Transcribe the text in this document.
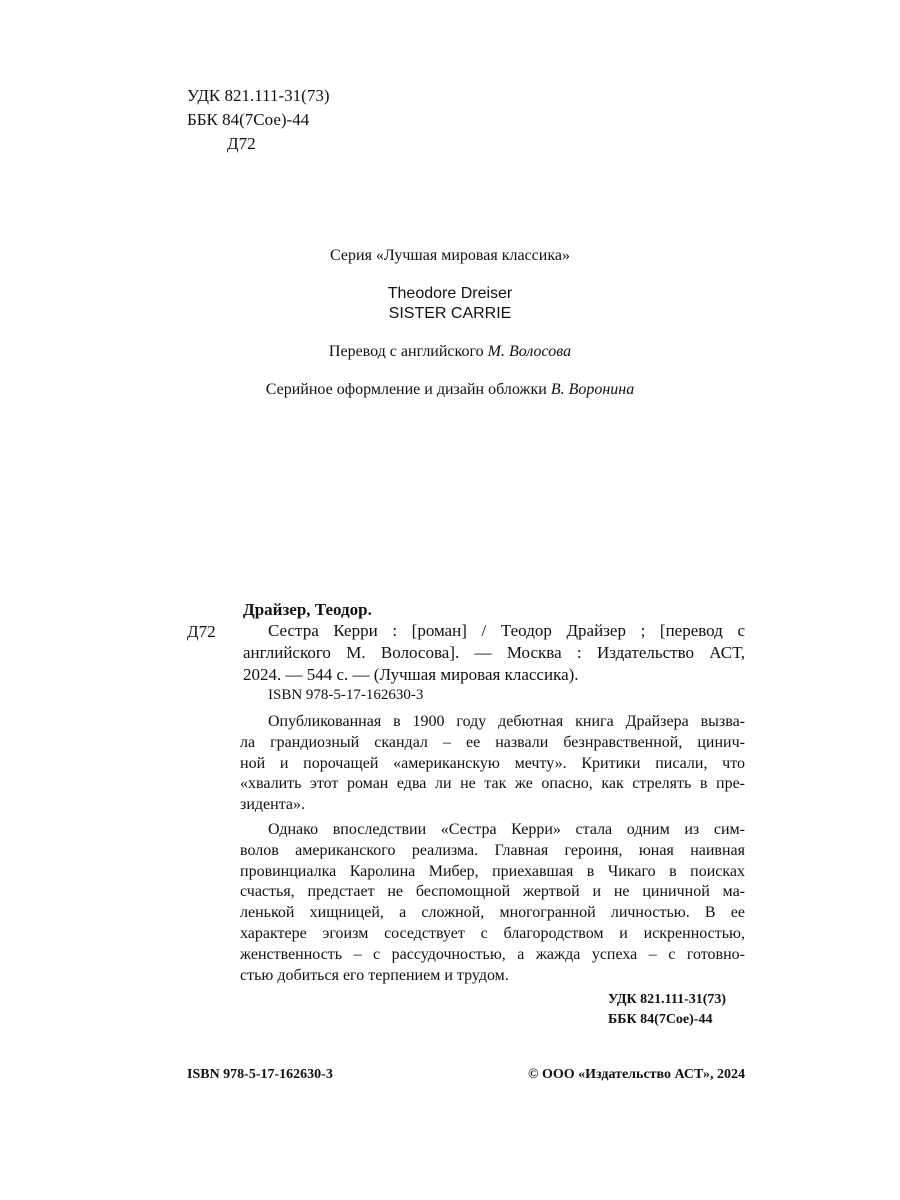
УДК 821.111-31(73)
ББК 84(7Сое)-44
Д72
Серия «Лучшая мировая классика»
Theodore Dreiser
SISTER CARRIE
Перевод с английского М. Волосова
Серийное оформление и дизайн обложки В. Воронина
Драйзер, Теодор.
Д72	Сестра Керри : [роман] / Теодор Драйзер ; [перевод с

английского М. Волосова]. — Москва : Издательство АСТ,

2024. — 544 с. — (Лучшая мировая классика).

ISBN 978-5-17-162630-3

Опубликованная в 1900 году дебютная книга Драйзера вызва-

ла грандиозный скандал – ее назвали безнравственной, цинич-

ной и порочащей «американскую мечту». Критики писали, что

«хвалить этот роман едва ли не так же опасно, как стрелять в пре-

зидента».

Однако впоследствии «Сестра Керри» стала одним из сим-

волов американского реализма. Главная героиня, юная наивная

провинциалка Каролина Мибер, приехавшая в Чикаго в поисках

счастья, предстает не беспомощной жертвой и не циничной ма-

ленькой хищницей, а сложной, многогранной личностью. В ее

характере эгоизм соседствует с благородством и искренностью,

женственность – с рассудочностью, а жажда успеха – с готовно-

стью добиться его терпением и трудом.

УДК 821.111-31(73)
ББК 84(7Сое)-44
ISBN 978-5-17-162630-3	© ООО «Издательство АСТ», 2024
